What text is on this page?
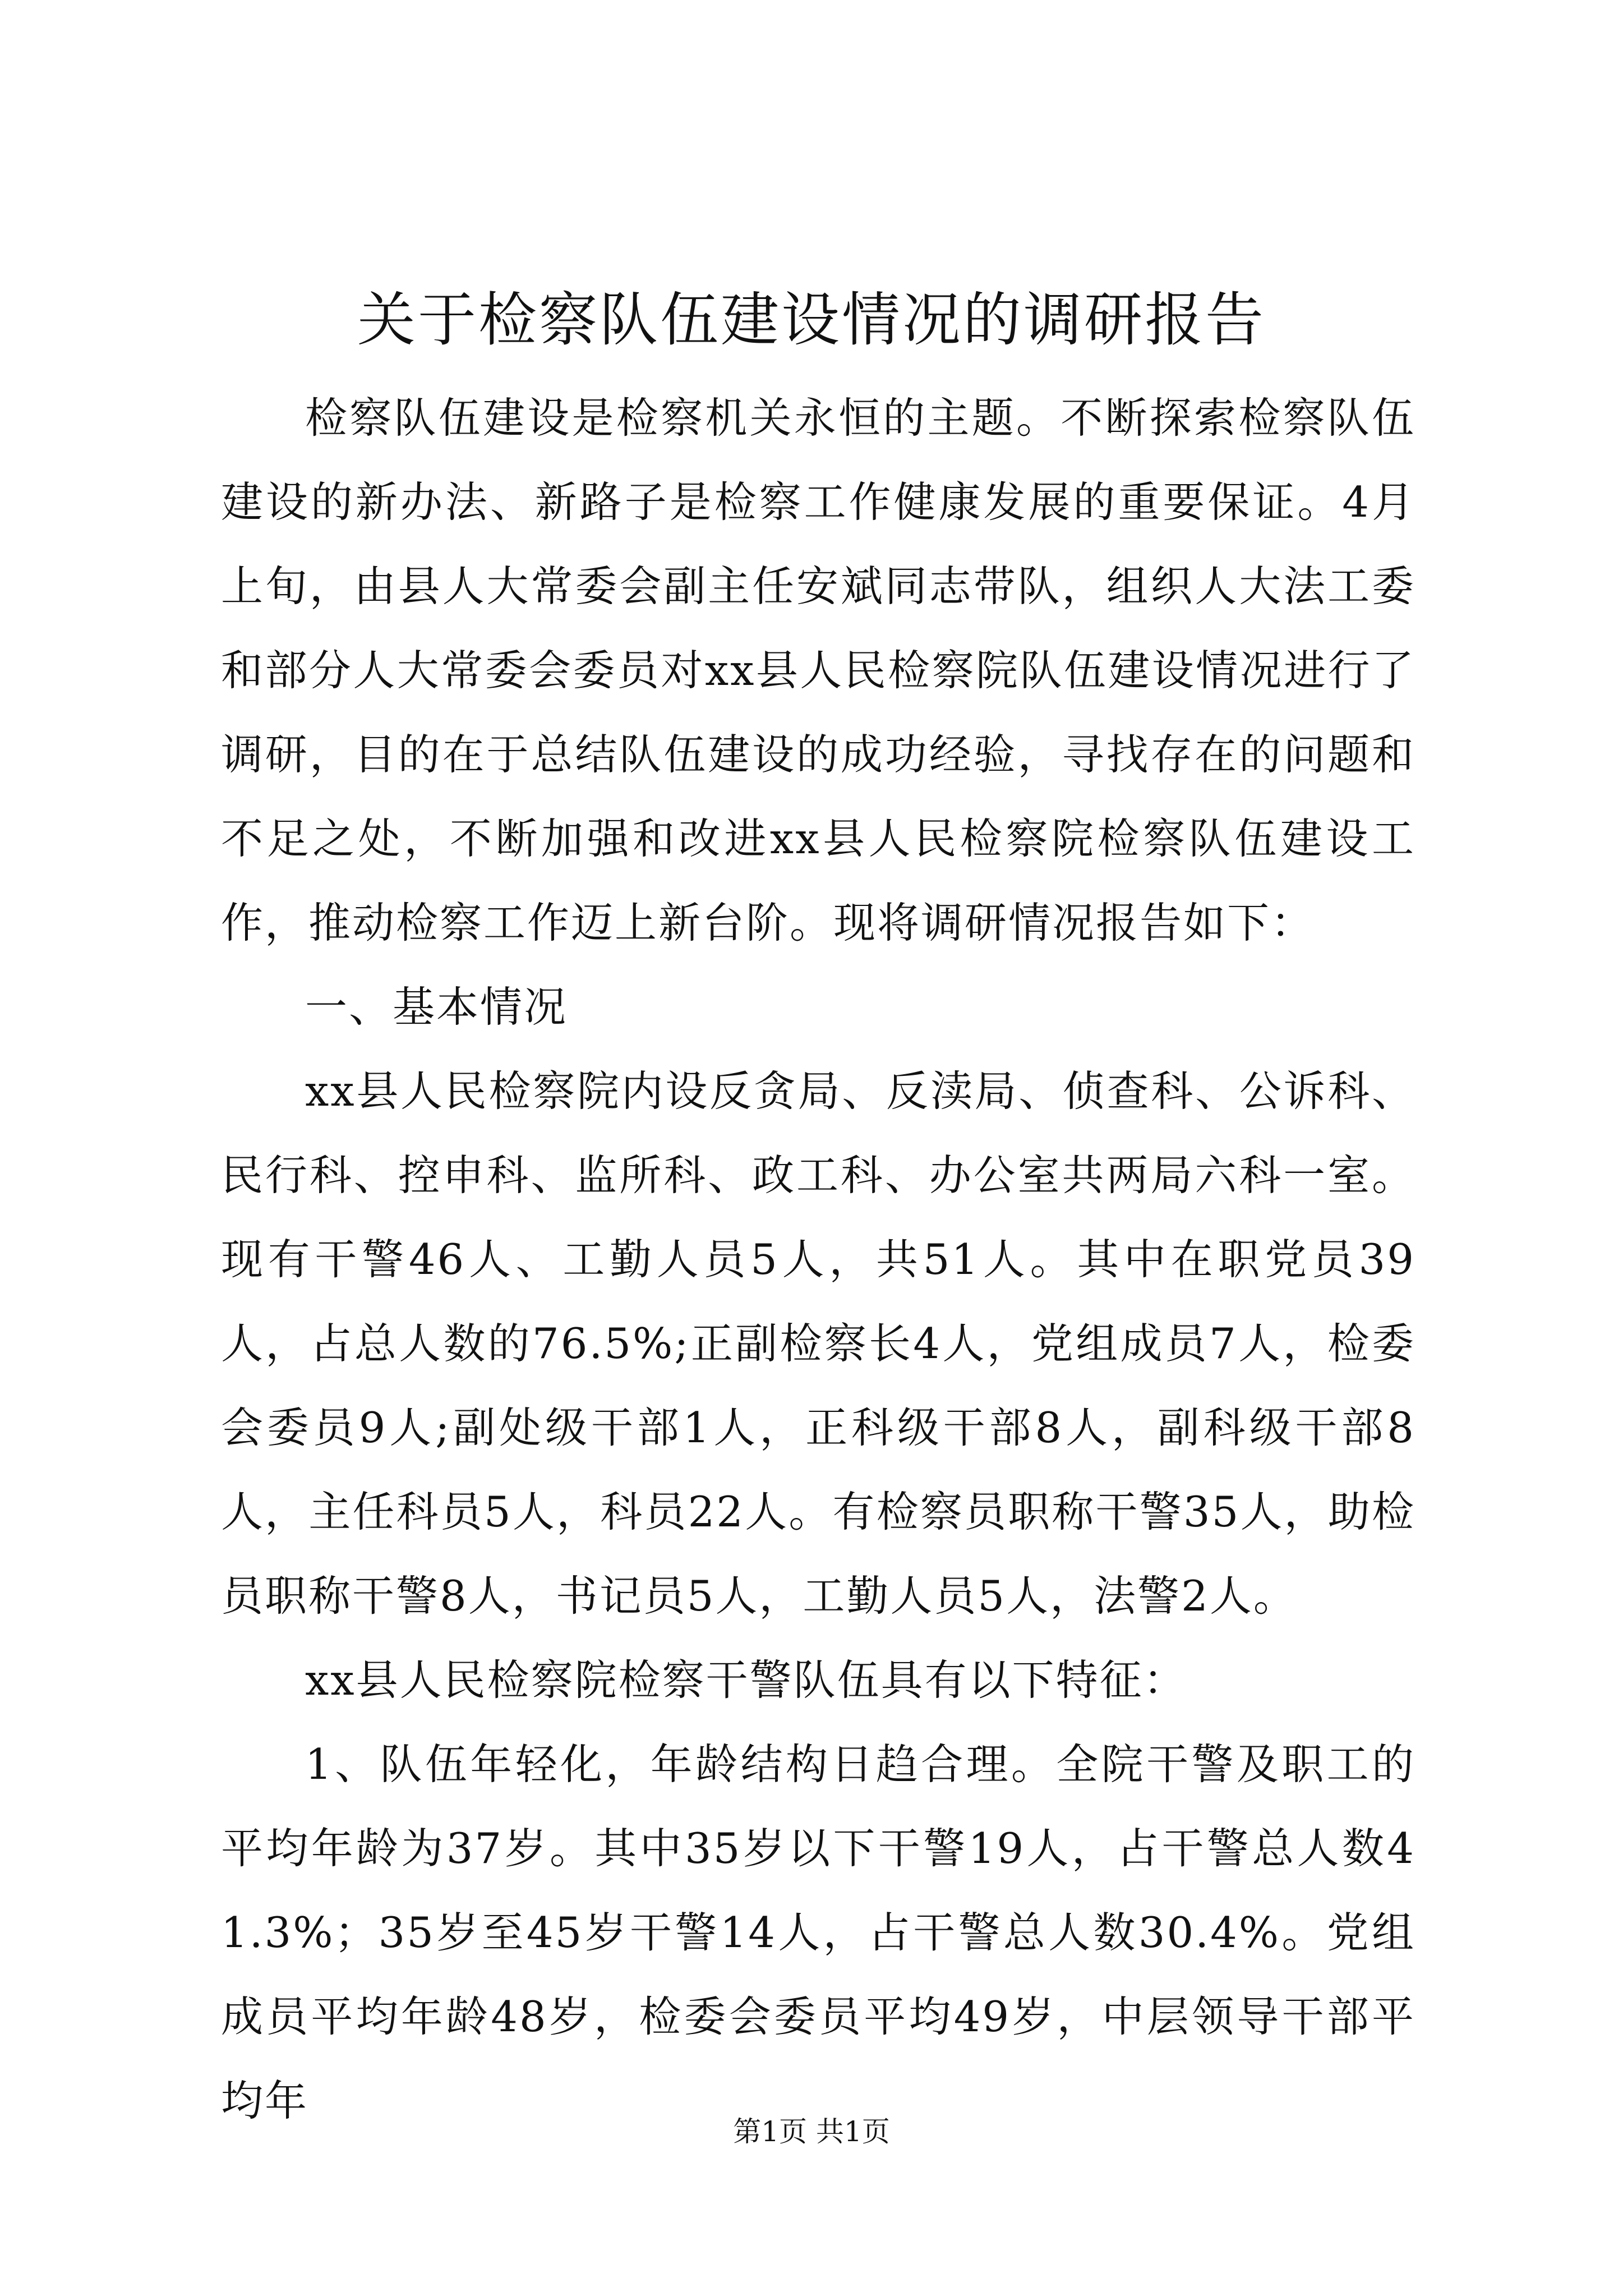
关于检察队伍建设情况的调研报告

检察队伍建设是检察机关永恒的主题。不断探索检察队伍建设的新办法、新路子是检察工作健康发展的重要保证。4月上旬，由县人大常委会副主任安斌同志带队，组织人大法工委和部分人大常委会委员对xx县人民检察院队伍建设情况进行了调研，目的在于总结队伍建设的成功经验，寻找存在的问题和不足之处，不断加强和改进xx县人民检察院检察队伍建设工作，推动检察工作迈上新台阶。现将调研情况报告如下：

一、基本情况

xx县人民检察院内设反贪局、反渎局、侦查科、公诉科、民行科、控申科、监所科、政工科、办公室共两局六科一室。现有干警46人、工勤人员5人，共51人。其中在职党员39人，占总人数的76.5%;正副检察长4人，党组成员7人，检委会委员9人;副处级干部1人，正科级干部8人，副科级干部8人，主任科员5人，科员22人。有检察员职称干警35人，助检员职称干警8人，书记员5人，工勤人员5人，法警2人。

xx县人民检察院检察干警队伍具有以下特征：

1、队伍年轻化，年龄结构日趋合理。全院干警及职工的平均年龄为37岁。其中35岁以下干警19人，占干警总人数41.3%；35岁至45岁干警14人，占干警总人数30.4%。党组成员平均年龄48岁，检委会委员平均49岁，中层领导干部平均年

第1页 共1页
